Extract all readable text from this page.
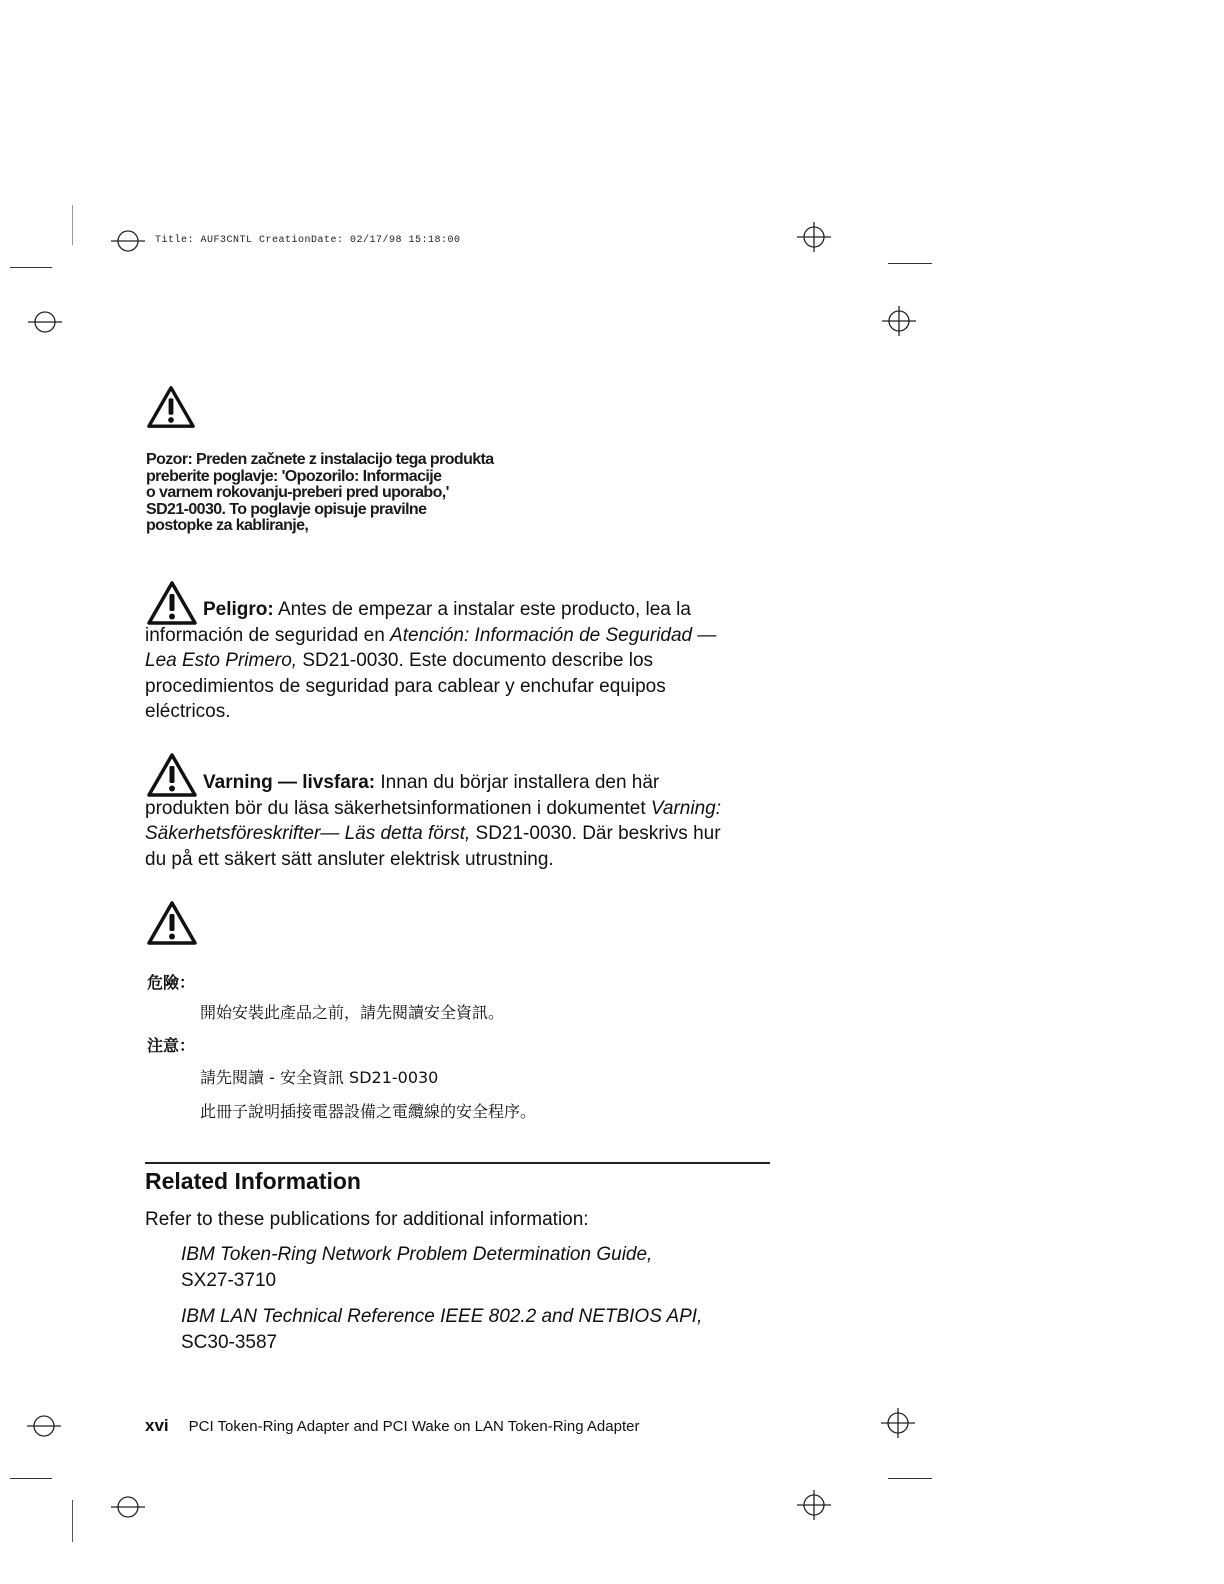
Title: AUF3CNTL CreationDate: 02/17/98 15:18:00
Pozor: Preden začnete z instalacijo tega produkta
preberite poglavje: 'Opozorilo: Informacije
o varnem rokovanju-preberi pred uporabo,'
SD21-0030. To poglavje opisuje pravilne
postopke za kabliranje,
Peligro: Antes de empezar a instalar este producto, lea la
información de seguridad en Atención: Información de Seguridad —
Lea Esto Primero, SD21-0030. Este documento describe los
procedimientos de seguridad para cablear y enchufar equipos
eléctricos.
Varning — livsfara: Innan du börjar installera den här
produkten bör du läsa säkerhetsinformationen i dokumentet Varning:
Säkerhetsföreskrifter— Läs detta först, SD21-0030. Där beskrivs hur
du på ett säkert sätt ansluter elektrisk utrustning.
危險：
開始安裝此產品之前，請先閱讀安全資訊。
注意：
請先閱讀 - 安全資訊 SD21-0030
此冊子說明插接電器設備之電纜線的安全程序。
Related Information
Refer to these publications for additional information:
IBM Token-Ring Network Problem Determination Guide,
SX27-3710
IBM LAN Technical Reference IEEE 802.2 and NETBIOS API,
SC30-3587
xvi PCI Token-Ring Adapter and PCI Wake on LAN Token-Ring Adapter
